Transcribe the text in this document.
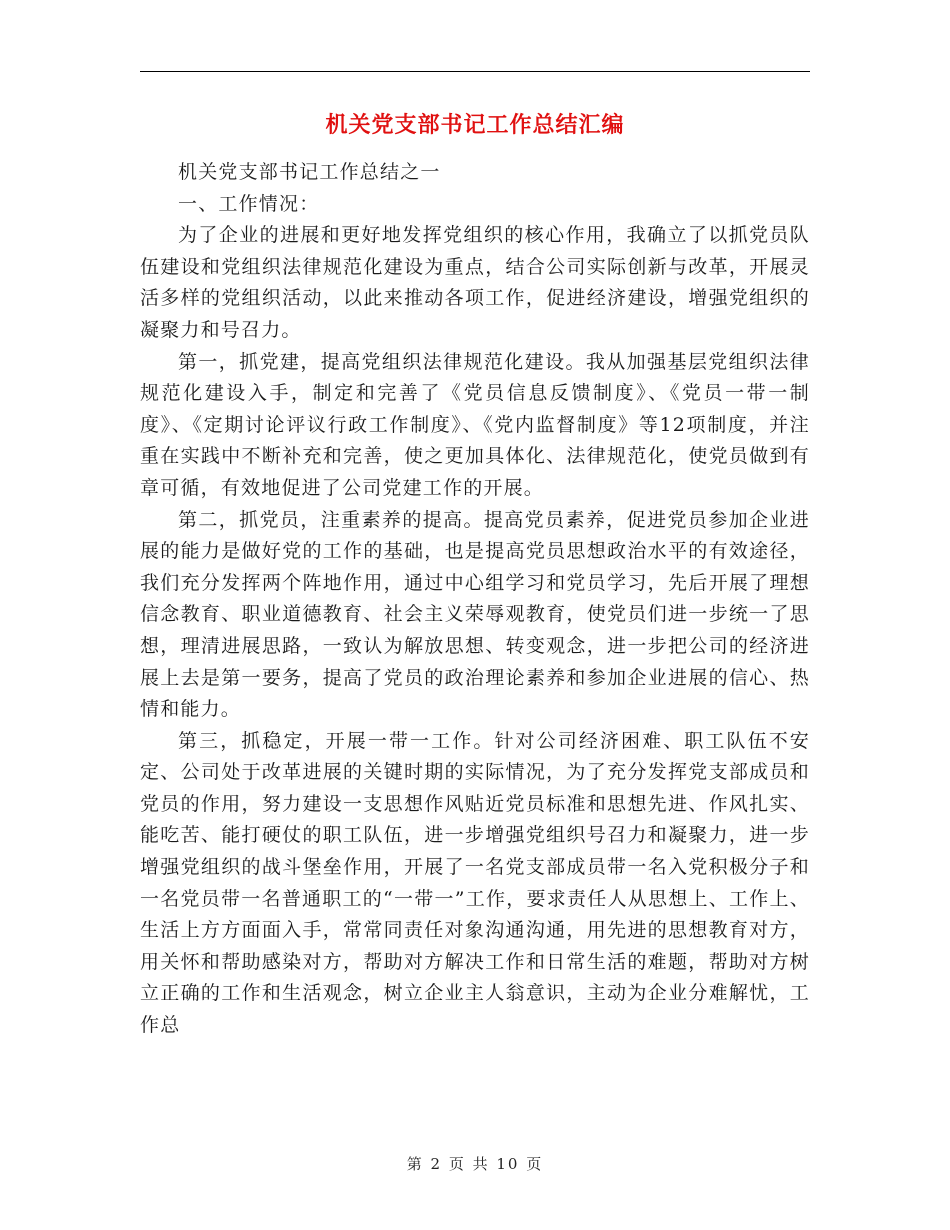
机关党支部书记工作总结汇编

机关党支部书记工作总结之一

一、工作情况：

为了企业的进展和更好地发挥党组织的核心作用，我确立了以抓党员队伍建设和党组织法律规范化建设为重点，结合公司实际创新与改革，开展灵活多样的党组织活动，以此来推动各项工作，促进经济建设，增强党组织的凝聚力和号召力。

第一，抓党建，提高党组织法律规范化建设。我从加强基层党组织法律规范化建设入手，制定和完善了《党员信息反馈制度》、《党员一带一制度》、《定期讨论评议行政工作制度》、《党内监督制度》等12项制度，并注重在实践中不断补充和完善，使之更加具体化、法律规范化，使党员做到有章可循，有效地促进了公司党建工作的开展。

第二，抓党员，注重素养的提高。提高党员素养，促进党员参加企业进展的能力是做好党的工作的基础，也是提高党员思想政治水平的有效途径，我们充分发挥两个阵地作用，通过中心组学习和党员学习，先后开展了理想信念教育、职业道德教育、社会主义荣辱观教育，使党员们进一步统一了思想，理清进展思路，一致认为解放思想、转变观念，进一步把公司的经济进展上去是第一要务，提高了党员的政治理论素养和参加企业进展的信心、热情和能力。

第三，抓稳定，开展一带一工作。针对公司经济困难、职工队伍不安定、公司处于改革进展的关键时期的实际情况，为了充分发挥党支部成员和党员的作用，努力建设一支思想作风贴近党员标准和思想先进、作风扎实、能吃苦、能打硬仗的职工队伍，进一步增强党组织号召力和凝聚力，进一步增强党组织的战斗堡垒作用，开展了一名党支部成员带一名入党积极分子和一名党员带一名普通职工的“一带一”工作，要求责任人从思想上、工作上、生活上方方面面入手，常常同责任对象沟通沟通，用先进的思想教育对方，用关怀和帮助感染对方，帮助对方解决工作和日常生活的难题，帮助对方树立正确的工作和生活观念，树立企业主人翁意识，主动为企业分难解忧，工作总

第 2 页 共 10 页
